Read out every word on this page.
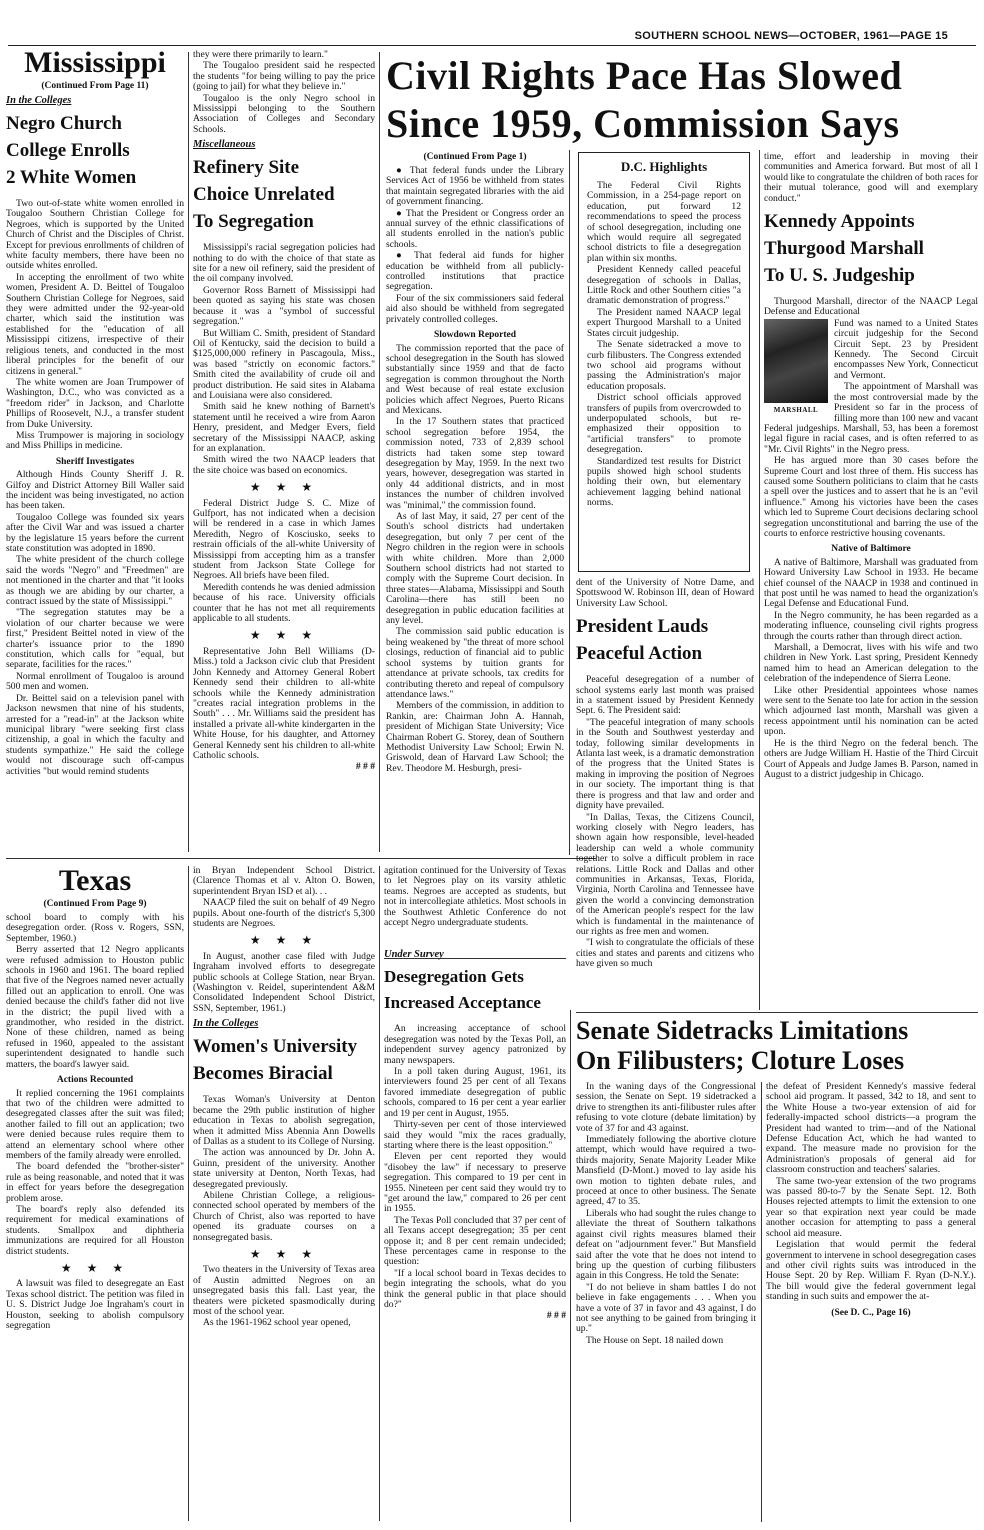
SOUTHERN SCHOOL NEWS—OCTOBER, 1961—PAGE 15
Mississippi
(Continued From Page 11)
In the Colleges
Negro Church
College Enrolls
2 White Women

Two out-of-state white women enrolled in Tougaloo Southern Christian College for Negroes, which is supported by the United Church of Christ and the Disciples of Christ. Except for previous enrollments of children of white faculty members, there have been no outside whites enrolled.

In accepting the enrollment of two white women, President A. D. Beittel of Tougaloo Southern Christian College for Negroes, said they were admitted under the 92-year-old charter, which said the institution was established for the "education of all Mississippi citizens, irrespective of their religious tenets, and conducted in the most liberal principles for the benefit of our citizens in general."

The white women are Joan Trumpower of Washington, D.C., who was convicted as a "freedom rider" in Jackson, and Charlotte Phillips of Roosevelt, N.J., a transfer student from Duke University.

Miss Trumpower is majoring in sociology and Miss Phillips in medicine.

Sheriff Investigates

Although Hinds County Sheriff J. R. Gilfoy and District Attorney Bill Waller said the incident was being investigated, no action has been taken.

Tougaloo College was founded six years after the Civil War and was issued a charter by the legislature 15 years before the current state constitution was adopted in 1890.

The white president of the church college said the words "Negro" and "Freedmen" are not mentioned in the charter and that "it looks as though we are abiding by our charter, a contract issued by the state of Mississippi."

"The segregation statutes may be a violation of our charter because we were first," President Beittel noted in view of the charter's issuance prior to the 1890 constitution, which calls for "equal, but separate, facilities for the races."

Normal enrollment of Tougaloo is around 500 men and women.

Dr. Beittel said on a television panel with Jackson newsmen that nine of his students, arrested for a "read-in" at the Jackson white municipal library "were seeking first class citizenship, a goal in which the faculty and students sympathize." He said the college would not discourage such off-campus activities "but would remind students

they were there primarily to learn."

The Tougaloo president said he respected the students "for being willing to pay the price (going to jail) for what they believe in."

Tougaloo is the only Negro school in Mississippi belonging to the Southern Association of Colleges and Secondary Schools.

Miscellaneous
Refinery Site
Choice Unrelated
To Segregation

Mississippi's racial segregation policies had nothing to do with the choice of that state as site for a new oil refinery, said the president of the oil company involved.

Governor Ross Barnett of Mississippi had been quoted as saying his state was chosen because it was a "symbol of successful segregation."

But William C. Smith, president of Standard Oil of Kentucky, said the decision to build a $125,000,000 refinery in Pascagoula, Miss., was based "strictly on economic factors." Smith cited the availability of crude oil and product distribution. He said sites in Alabama and Louisiana were also considered.

Smith said he knew nothing of Barnett's statement until he received a wire from Aaron Henry, president, and Medger Evers, field secretary of the Mississippi NAACP, asking for an explanation.

Smith wired the two NAACP leaders that the site choice was based on economics.

★ ★ ★

Federal District Judge S. C. Mize of Gulfport, has not indicated when a decision will be rendered in a case in which James Meredith, Negro of Kosciusko, seeks to restrain officials of the all-white University of Mississippi from accepting him as a transfer student from Jackson State College for Negroes. All briefs have been filed.

Meredith contends he was denied admission because of his race. University officials counter that he has not met all requirements applicable to all students.

★ ★ ★

Representative John Bell Williams (D-Miss.) told a Jackson civic club that President John Kennedy and Attorney General Robert Kennedy send their children to all-white schools while the Kennedy administration "creates racial integration problems in the South" . . . Mr. Williams said the president has installed a private all-white kindergarten in the White House, for his daughter, and Attorney General Kennedy sent his children to all-white Catholic schools.

# # #
Civil Rights Pace Has Slowed
Since 1959, Commission Says
(Continued From Page 1)

● That federal funds under the Library Services Act of 1956 be withheld from states that maintain segregated libraries with the aid of government financing.

● That the President or Congress order an annual survey of the ethnic classifications of all students enrolled in the nation's public schools.

● That federal aid funds for higher education be withheld from all publicly-controlled institutions that practice segregation.

Four of the six commissioners said federal aid also should be withheld from segregated privately controlled colleges.

Slowdown Reported

The commission reported that the pace of school desegregation in the South has slowed substantially since 1959 and that de facto segregation is common throughout the North and West because of real estate exclusion policies which affect Negroes, Puerto Ricans and Mexicans.

In the 17 Southern states that practiced school segregation before 1954, the commission noted, 733 of 2,839 school districts had taken some step toward desegregation by May, 1959. In the next two years, however, desegregation was started in only 44 additional districts, and in most instances the number of children involved was "minimal," the commission found.

As of last May, it said, 27 per cent of the South's school districts had undertaken desegregation, but only 7 per cent of the Negro children in the region were in schools with white children. More than 2,000 Southern school districts had not started to comply with the Supreme Court decision. In three states—Alabama, Mississippi and South Carolina—there has still been no desegregation in public education facilities at any level.

The commission said public education is being weakened by "the threat of more school closings, reduction of financial aid to public school systems by tuition grants for attendance at private schools, tax credits for contributing thereto and repeal of compulsory attendance laws."

Members of the commission, in addition to Rankin, are: Chairman John A. Hannah, president of Michigan State University; Vice Chairman Robert G. Storey, dean of Southern Methodist University Law School; Erwin N. Griswold, dean of Harvard Law School; the Rev. Theodore M. Hesburgh, presi-

D.C. Highlights

The Federal Civil Rights Commission, in a 254-page report on education, put forward 12 recommendations to speed the process of school desegregation, including one which would require all segregated school districts to file a desegregation plan within six months.

President Kennedy called peaceful desegregation of schools in Dallas, Little Rock and other Southern cities "a dramatic demonstration of progress."

The President named NAACP legal expert Thurgood Marshall to a United States circuit judgeship.

The Senate sidetracked a move to curb filibusters. The Congress extended two school aid programs without passing the Administration's major education proposals.

District school officials approved transfers of pupils from overcrowded to underpopulated schools, but re-emphasized their opposition to "artificial transfers" to promote desegregation.

Standardized test results for District pupils showed high school students holding their own, but elementary achievement lagging behind national norms.

dent of the University of Notre Dame, and Spottswood W. Robinson III, dean of Howard University Law School.

President Lauds
Peaceful Action

Peaceful desegregation of a number of school systems early last month was praised in a statement issued by President Kennedy Sept. 6. The President said:

"The peaceful integration of many schools in the South and Southwest yesterday and today, following similar developments in Atlanta last week, is a dramatic demonstration of the progress that the United States is making in improving the position of Negroes in our society. The important thing is that there is progress and that law and order and dignity have prevailed.

"In Dallas, Texas, the Citizens Council, working closely with Negro leaders, has shown again how responsible, level-headed leadership can weld a whole community together to solve a difficult problem in race relations. Little Rock and Dallas and other communities in Arkansas, Texas, Florida, Virginia, North Carolina and Tennessee have given the world a convincing demonstration of the American people's respect for the law which is fundamental in the maintenance of our rights as free men and women.

"I wish to congratulate the officials of these cities and states and parents and citizens who have given so much

time, effort and leadership in moving their communities and America forward. But most of all I would like to congratulate the children of both races for their mutual tolerance, good will and exemplary conduct."

Kennedy Appoints
Thurgood Marshall
To U. S. Judgeship

Thurgood Marshall, director of the NAACP Legal Defense and Educational

MARSHALL

Fund was named to a United States circuit judgeship for the Second Circuit Sept. 23 by President Kennedy. The Second Circuit encompasses New York, Connecticut and Vermont.

The appointment of Marshall was the most controversial made by the President so far in the process of filling more than 100 new and vacant Federal judgeships. Marshall, 53, has been a foremost legal figure in racial cases, and is often referred to as "Mr. Civil Rights" in the Negro press.

He has argued more than 30 cases before the Supreme Court and lost three of them. His success has caused some Southern politicians to claim that he casts a spell over the justices and to assert that he is an "evil influence." Among his victories have been the cases which led to Supreme Court decisions declaring school segregation unconstitutional and barring the use of the courts to enforce restrictive housing covenants.

Native of Baltimore

A native of Baltimore, Marshall was graduated from Howard University Law School in 1933. He became chief counsel of the NAACP in 1938 and continued in that post until he was named to head the organization's Legal Defense and Educational Fund.

In the Negro community, he has been regarded as a moderating influence, counseling civil rights progress through the courts rather than through direct action.

Marshall, a Democrat, lives with his wife and two children in New York. Last spring, President Kennedy named him to head an American delegation to the celebration of the independence of Sierra Leone.

Like other Presidential appointees whose names were sent to the Senate too late for action in the session which adjourned last month, Marshall was given a recess appointment until his nomination can be acted upon.

He is the third Negro on the federal bench. The others are Judge William H. Hastie of the Third Circuit Court of Appeals and Judge James B. Parson, named in August to a district judgeship in Chicago.

Texas
(Continued From Page 9)

school board to comply with his desegregation order. (Ross v. Rogers, SSN, September, 1960.)

Berry asserted that 12 Negro applicants were refused admission to Houston public schools in 1960 and 1961. The board replied that five of the Negroes named never actually filled out an application to enroll. One was denied because the child's father did not live in the district; the pupil lived with a grandmother, who resided in the district. None of these children, named as being refused in 1960, appealed to the assistant superintendent designated to handle such matters, the board's lawyer said.

Actions Recounted

It replied concerning the 1961 complaints that two of the children were admitted to desegregated classes after the suit was filed; another failed to fill out an application; two were denied because rules require them to attend an elementary school where other members of the family already were enrolled.

The board defended the "brother-sister" rule as being reasonable, and noted that it was in effect for years before the desegregation problem arose.

The board's reply also defended its requirement for medical examinations of students. Smallpox and diphtheria immunizations are required for all Houston district students.

★ ★ ★

A lawsuit was filed to desegregate an East Texas school district. The petition was filed in U. S. District Judge Joe Ingraham's court in Houston, seeking to abolish compulsory segregation

in Bryan Independent School District. (Clarence Thomas et al v. Alton O. Bowen, superintendent Bryan ISD et al). . .

NAACP filed the suit on behalf of 49 Negro pupils. About one-fourth of the district's 5,300 students are Negroes.

★ ★ ★

In August, another case filed with Judge Ingraham involved efforts to desegregate public schools at College Station, near Bryan. (Washington v. Reidel, superintendent A&M Consolidated Independent School District, SSN, September, 1961.)

In the Colleges
Women's University
Becomes Biracial

Texas Woman's University at Denton became the 29th public institution of higher education in Texas to abolish segregation, when it admitted Miss Abennia Ann Dowells of Dallas as a student to its College of Nursing.

The action was announced by Dr. John A. Guinn, president of the university. Another state university at Denton, North Texas, had desegregated previously.

Abilene Christian College, a religious-connected school operated by members of the Church of Christ, also was reported to have opened its graduate courses on a nonsegregated basis.

★ ★ ★

Two theaters in the University of Texas area of Austin admitted Negroes on an unsegregated basis this fall. Last year, the theaters were picketed spasmodically during most of the school year.

As the 1961-1962 school year opened,

agitation continued for the University of Texas to let Negroes play on its varsity athletic teams. Negroes are accepted as students, but not in intercollegiate athletics. Most schools in the Southwest Athletic Conference do not accept Negro undergraduate students.

Under Survey
Desegregation Gets
Increased Acceptance

An increasing acceptance of school desegregation was noted by the Texas Poll, an independent survey agency patronized by many newspapers.

In a poll taken during August, 1961, its interviewers found 25 per cent of all Texans favored immediate desegregation of public schools, compared to 16 per cent a year earlier and 19 per cent in August, 1955.

Thirty-seven per cent of those interviewed said they would "mix the races gradually, starting where there is the least opposition."

Eleven per cent reported they would "disobey the law" if necessary to preserve segregation. This compared to 19 per cent in 1955. Nineteen per cent said they would try to "get around the law," compared to 26 per cent in 1955.

The Texas Poll concluded that 37 per cent of all Texans accept desegregation; 35 per cent oppose it; and 8 per cent remain undecided; These percentages came in response to the question:

"If a local school board in Texas decides to begin integrating the schools, what do you think the general public in that place should do?"

# # #
Senate Sidetracks Limitations
On Filibusters; Cloture Loses

In the waning days of the Congressional session, the Senate on Sept. 19 sidetracked a drive to strengthen its anti-filibuster rules after refusing to vote cloture (debate limitation) by vote of 37 for and 43 against.

Immediately following the abortive cloture attempt, which would have required a two-thirds majority, Senate Majority Leader Mike Mansfield (D-Mont.) moved to lay aside his own motion to tighten debate rules, and proceed at once to other business. The Senate agreed, 47 to 35.

Liberals who had sought the rules change to alleviate the threat of Southern talkathons against civil rights measures blamed their defeat on "adjournment fever." But Mansfield said after the vote that he does not intend to bring up the question of curbing filibusters again in this Congress. He told the Senate:

"I do not believe in sham battles I do not believe in fake engagements . . . When you have a vote of 37 in favor and 43 against, I do not see anything to be gained from bringing it up."

The House on Sept. 18 nailed down

the defeat of President Kennedy's massive federal school aid program. It passed, 342 to 18, and sent to the White House a two-year extension of aid for federally-impacted school districts—a program the President had wanted to trim—and of the National Defense Education Act, which he had wanted to expand. The measure made no provision for the Administration's proposals of general aid for classroom construction and teachers' salaries.

The same two-year extension of the two programs was passed 80-to-7 by the Senate Sept. 12. Both Houses rejected attempts to limit the extension to one year so that expiration next year could be made another occasion for attempting to pass a general school aid measure.

Legislation that would permit the federal government to intervene in school desegregation cases and other civil rights suits was introduced in the House Sept. 20 by Rep. William F. Ryan (D-N.Y.). The bill would give the federal government legal standing in such suits and empower the at-

(See D. C., Page 16)
